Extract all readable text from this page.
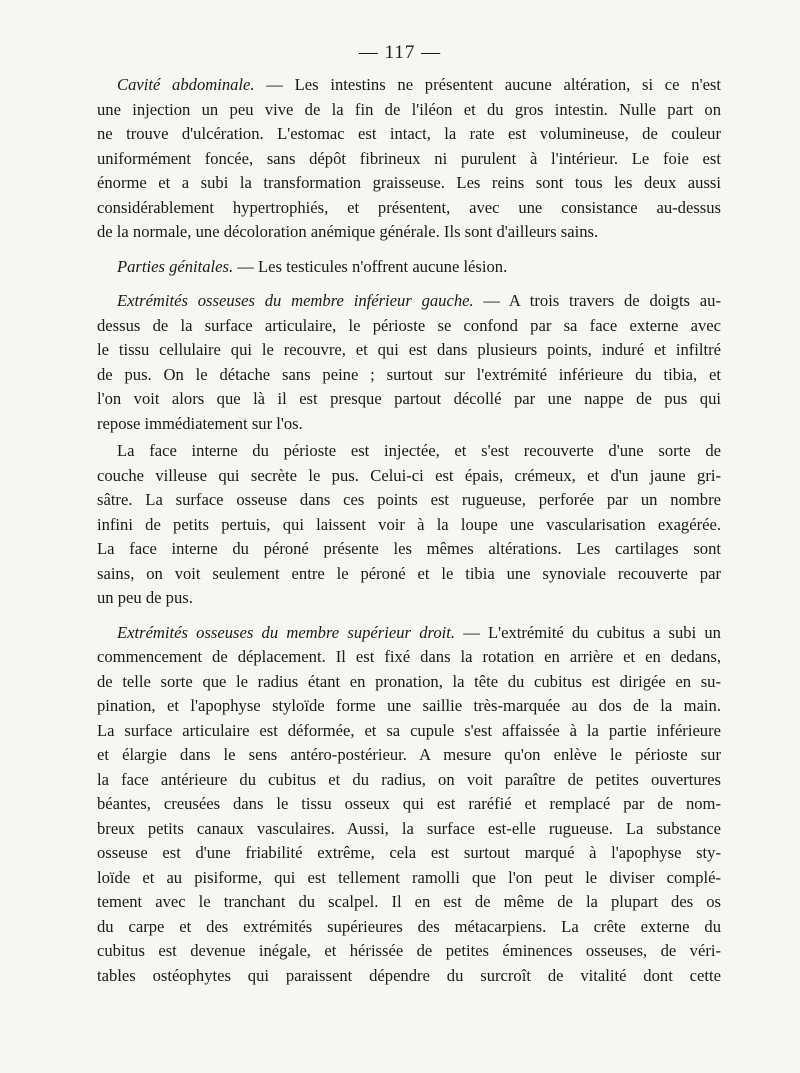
— 117 —
Cavité abdominale. — Les intestins ne présentent aucune altération, si ce n'est
une injection un peu vive de la fin de l'iléon et du gros intestin. Nulle part on
ne trouve d'ulcération. L'estomac est intact, la rate est volumineuse, de couleur
uniformément foncée, sans dépôt fibrineux ni purulent à l'intérieur. Le foie est
énorme et a subi la transformation graisseuse. Les reins sont tous les deux aussi
considérablement hypertrophiés, et présentent, avec une consistance au-dessus
de la normale, une décoloration anémique générale. Ils sont d'ailleurs sains.
Parties génitales. — Les testicules n'offrent aucune lésion.
Extrémités osseuses du membre inférieur gauche. — A trois travers de doigts au-
dessus de la surface articulaire, le périoste se confond par sa face externe avec
le tissu cellulaire qui le recouvre, et qui est dans plusieurs points, induré et infiltré
de pus. On le détache sans peine ; surtout sur l'extrémité inférieure du tibia, et
l'on voit alors que là il est presque partout décollé par une nappe de pus qui
repose immédiatement sur l'os.
La face interne du périoste est injectée, et s'est recouverte d'une sorte de
couche villeuse qui secrète le pus. Celui-ci est épais, crémeux, et d'un jaune gri-
sâtre. La surface osseuse dans ces points est rugueuse, perforée par un nombre
infini de petits pertuis, qui laissent voir à la loupe une vascularisation exagérée.
La face interne du péroné présente les mêmes altérations. Les cartilages sont
sains, on voit seulement entre le péroné et le tibia une synoviale recouverte par
un peu de pus.
Extrémités osseuses du membre supérieur droit. — L'extrémité du cubitus a subi un
commencement de déplacement. Il est fixé dans la rotation en arrière et en dedans,
de telle sorte que le radius étant en pronation, la tête du cubitus est dirigée en su-
pination, et l'apophyse styloïde forme une saillie très-marquée au dos de la main.
La surface articulaire est déformée, et sa cupule s'est affaissée à la partie inférieure
et élargie dans le sens antéro-postérieur. A mesure qu'on enlève le périoste sur
la face antérieure du cubitus et du radius, on voit paraître de petites ouvertures
béantes, creusées dans le tissu osseux qui est raréfié et remplacé par de nom-
breux petits canaux vasculaires. Aussi, la surface est-elle rugueuse. La substance
osseuse est d'une friabilité extrême, cela est surtout marqué à l'apophyse sty-
loïde et au pisiforme, qui est tellement ramolli que l'on peut le diviser complé-
tement avec le tranchant du scalpel. Il en est de même de la plupart des os
du carpe et des extrémités supérieures des métacarpiens. La crête externe du
cubitus est devenue inégale, et hérissée de petites éminences osseuses, de véri-
tables ostéophytes qui paraissent dépendre du surcroît de vitalité dont cette
